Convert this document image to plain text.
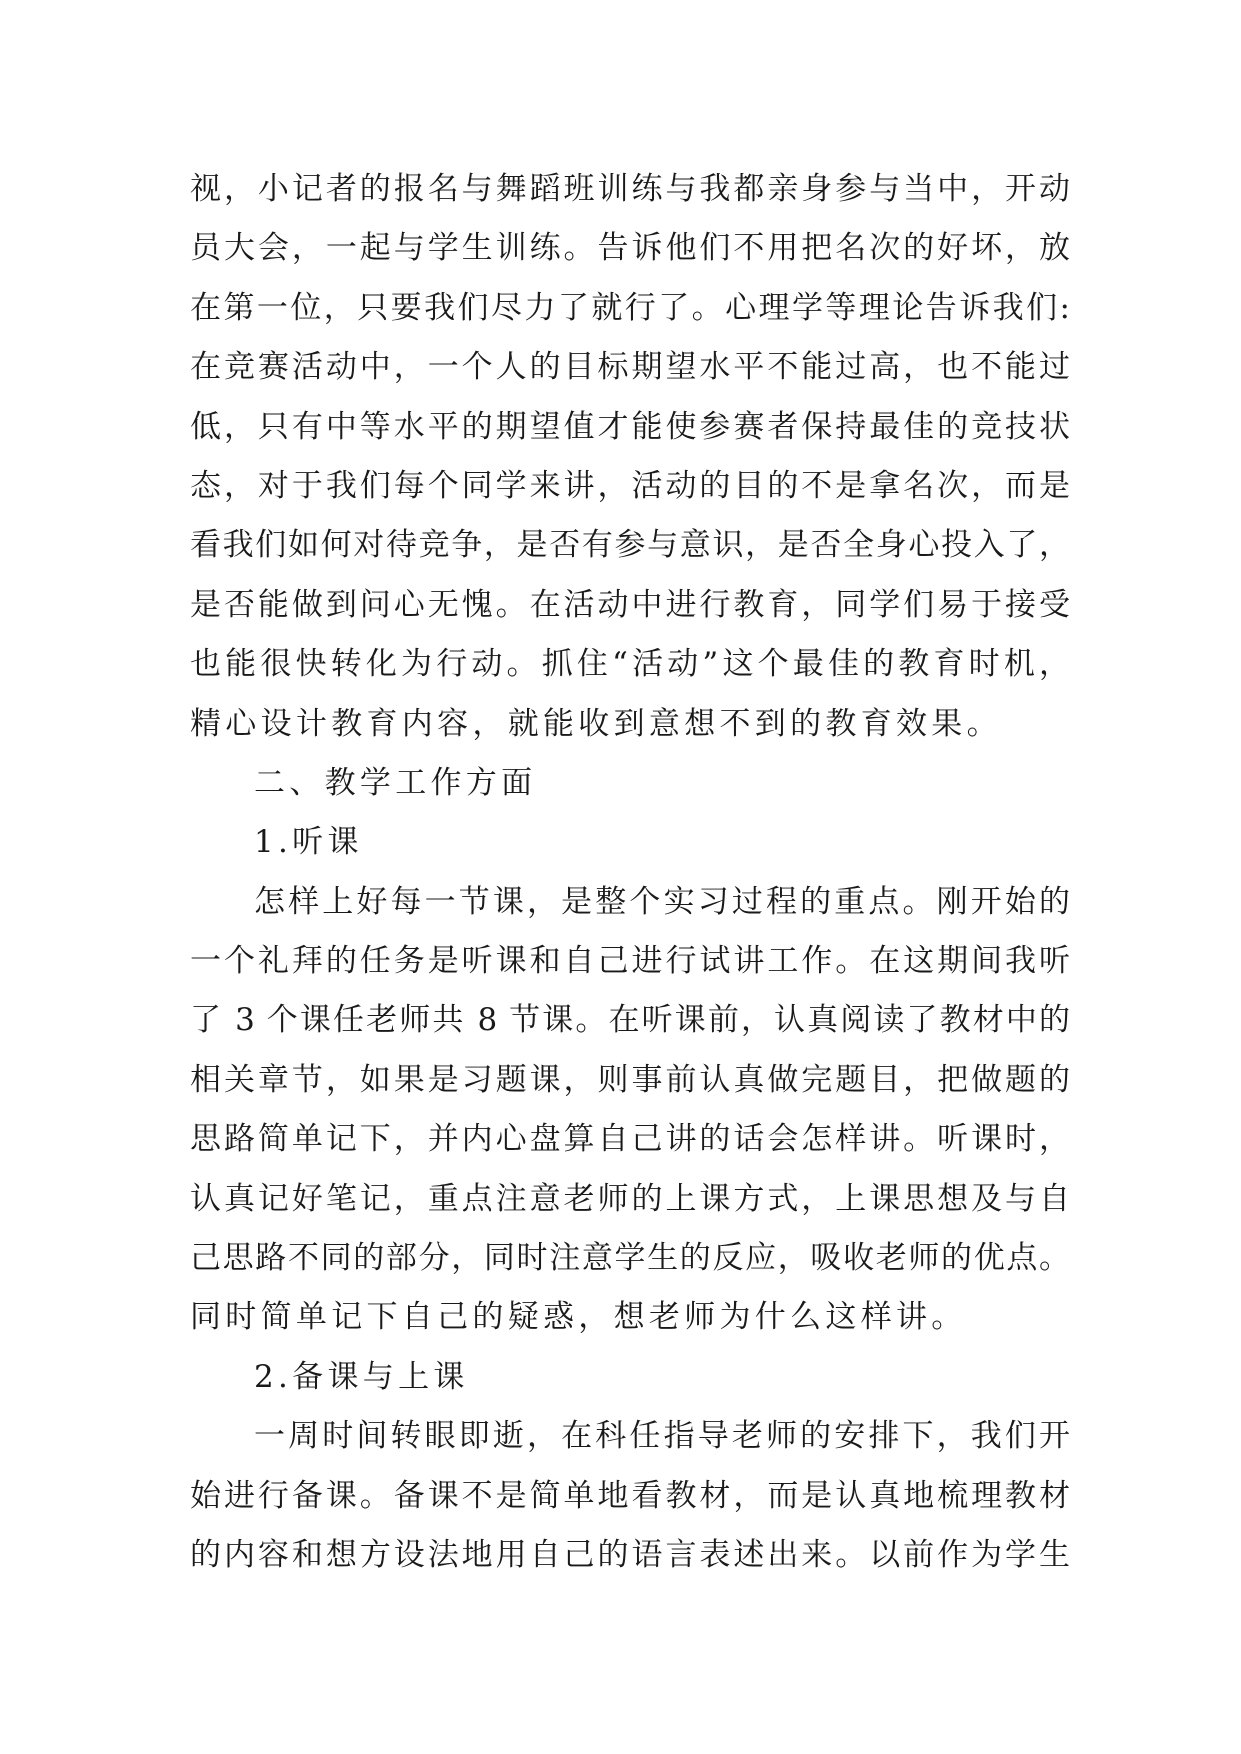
视，小记者的报名与舞蹈班训练与我都亲身参与当中，开动
员大会，一起与学生训练。告诉他们不用把名次的好坏，放
在第一位，只要我们尽力了就行了。心理学等理论告诉我们:
在竞赛活动中，一个人的目标期望水平不能过高，也不能过
低，只有中等水平的期望值才能使参赛者保持最佳的竞技状
态，对于我们每个同学来讲，活动的目的不是拿名次，而是
看我们如何对待竞争，是否有参与意识，是否全身心投入了，
是否能做到问心无愧。在活动中进行教育，同学们易于接受
也能很快转化为行动。抓住“活动”这个最佳的教育时机，
精心设计教育内容，就能收到意想不到的教育效果。
二、教学工作方面
1.听课
怎样上好每一节课，是整个实习过程的重点。刚开始的
一个礼拜的任务是听课和自己进行试讲工作。在这期间我听
了 3 个课任老师共 8 节课。在听课前，认真阅读了教材中的
相关章节，如果是习题课，则事前认真做完题目，把做题的
思路简单记下，并内心盘算自己讲的话会怎样讲。听课时，
认真记好笔记，重点注意老师的上课方式，上课思想及与自
己思路不同的部分，同时注意学生的反应，吸收老师的优点。
同时简单记下自己的疑惑，想老师为什么这样讲。
2.备课与上课
一周时间转眼即逝，在科任指导老师的安排下，我们开
始进行备课。备课不是简单地看教材，而是认真地梳理教材
的内容和想方设法地用自己的语言表述出来。以前作为学生
